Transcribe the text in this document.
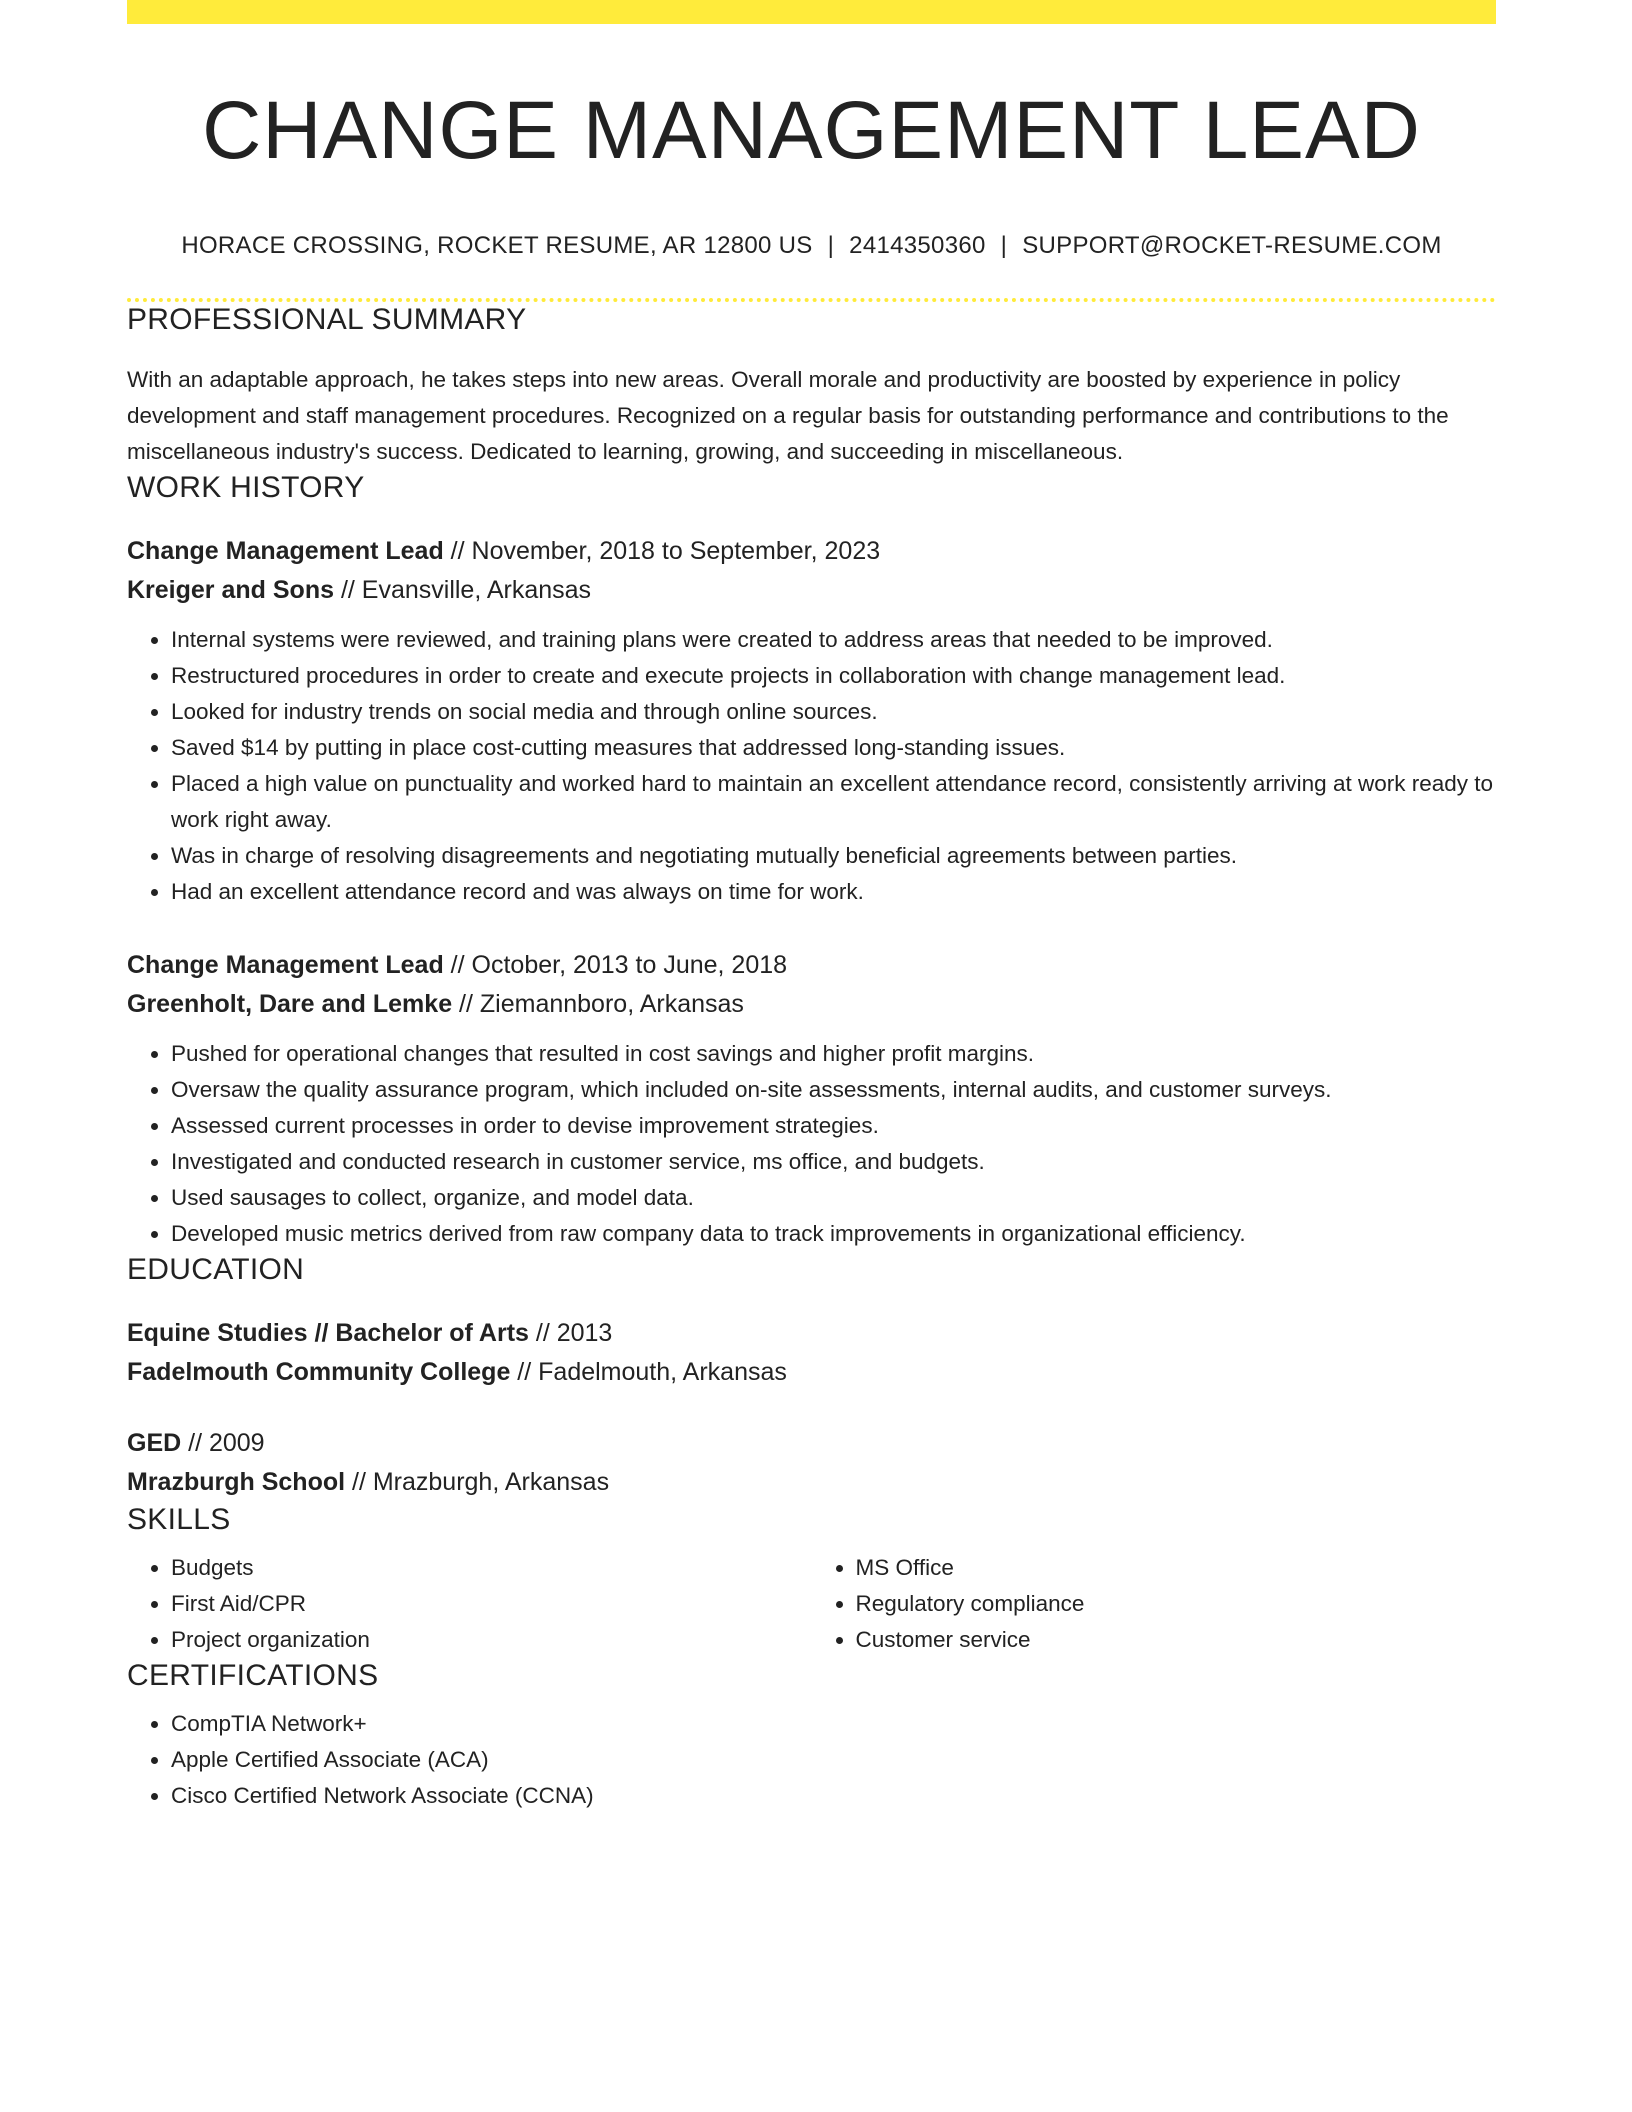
CHANGE MANAGEMENT LEAD
HORACE CROSSING, ROCKET RESUME, AR 12800 US | 2414350360 | SUPPORT@ROCKET-RESUME.COM
PROFESSIONAL SUMMARY
With an adaptable approach, he takes steps into new areas. Overall morale and productivity are boosted by experience in policy development and staff management procedures. Recognized on a regular basis for outstanding performance and contributions to the miscellaneous industry's success. Dedicated to learning, growing, and succeeding in miscellaneous.
WORK HISTORY
Change Management Lead // November, 2018 to September, 2023
Kreiger and Sons // Evansville, Arkansas
• Internal systems were reviewed, and training plans were created to address areas that needed to be improved.
• Restructured procedures in order to create and execute projects in collaboration with change management lead.
• Looked for industry trends on social media and through online sources.
• Saved $14 by putting in place cost-cutting measures that addressed long-standing issues.
• Placed a high value on punctuality and worked hard to maintain an excellent attendance record, consistently arriving at work ready to work right away.
• Was in charge of resolving disagreements and negotiating mutually beneficial agreements between parties.
• Had an excellent attendance record and was always on time for work.
Change Management Lead // October, 2013 to June, 2018
Greenholt, Dare and Lemke // Ziemannboro, Arkansas
• Pushed for operational changes that resulted in cost savings and higher profit margins.
• Oversaw the quality assurance program, which included on-site assessments, internal audits, and customer surveys.
• Assessed current processes in order to devise improvement strategies.
• Investigated and conducted research in customer service, ms office, and budgets.
• Used sausages to collect, organize, and model data.
• Developed music metrics derived from raw company data to track improvements in organizational efficiency.
EDUCATION
Equine Studies // Bachelor of Arts // 2013
Fadelmouth Community College // Fadelmouth, Arkansas
GED // 2009
Mrazburgh School // Mrazburgh, Arkansas
SKILLS
• Budgets
• First Aid/CPR
• Project organization
• MS Office
• Regulatory compliance
• Customer service
CERTIFICATIONS
• CompTIA Network+
• Apple Certified Associate (ACA)
• Cisco Certified Network Associate (CCNA)
